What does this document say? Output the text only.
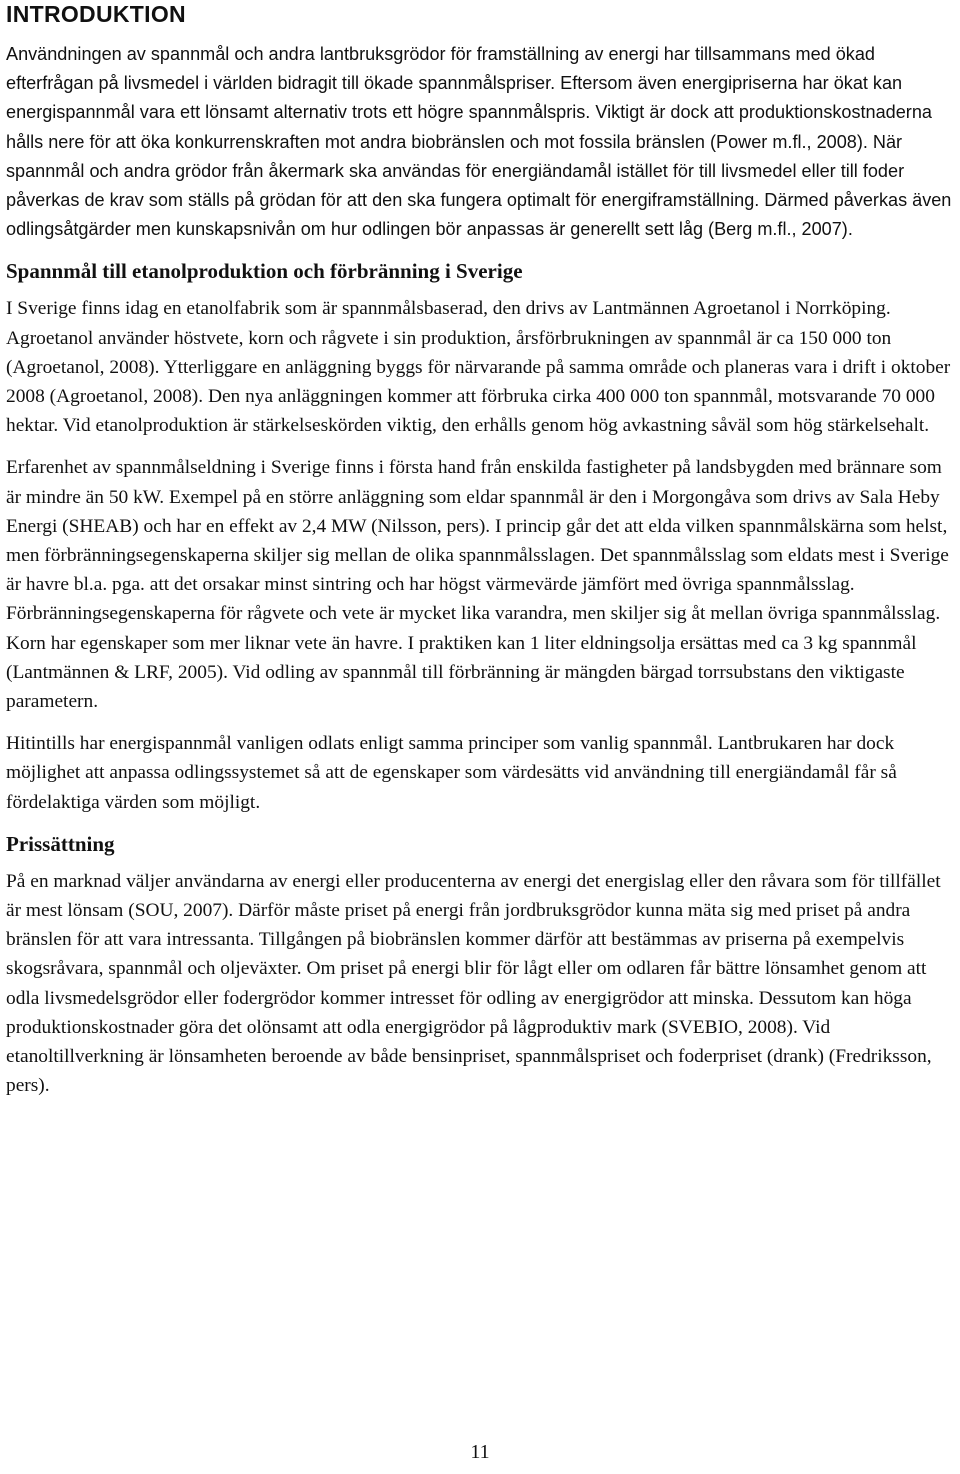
INTRODUKTION

Användningen av spannmål och andra lantbruksgrödor för framställning av energi har tillsammans med ökad efterfrågan på livsmedel i världen bidragit till ökade spannmålspriser. Eftersom även energipriserna har ökat kan energispannmål vara ett lönsamt alternativ trots ett högre spannmålspris. Viktigt är dock att produktionskostnaderna hålls nere för att öka konkurrenskraften mot andra biobränslen och mot fossila bränslen (Power m.fl., 2008). När spannmål och andra grödor från åkermark ska användas för energiändamål istället för till livsmedel eller till foder påverkas de krav som ställs på grödan för att den ska fungera optimalt för energiframställning. Därmed påverkas även odlingsåtgärder men kunskapsnivån om hur odlingen bör anpassas är generellt sett låg (Berg m.fl., 2007).

Spannmål till etanolproduktion och förbränning i Sverige

I Sverige finns idag en etanolfabrik som är spannmålsbaserad, den drivs av Lantmännen Agroetanol i Norrköping. Agroetanol använder höstvete, korn och rågvete i sin produktion, årsförbrukningen av spannmål är ca 150 000 ton (Agroetanol, 2008). Ytterliggare en anläggning byggs för närvarande på samma område och planeras vara i drift i oktober 2008 (Agroetanol, 2008). Den nya anläggningen kommer att förbruka cirka 400 000 ton spannmål, motsvarande 70 000 hektar. Vid etanolproduktion är stärkelseskörden viktig, den erhålls genom hög avkastning såväl som hög stärkelsehalt.

Erfarenhet av spannmålseldning i Sverige finns i första hand från enskilda fastigheter på landsbygden med brännare som är mindre än 50 kW. Exempel på en större anläggning som eldar spannmål är den i Morgongåva som drivs av Sala Heby Energi (SHEAB) och har en effekt av 2,4 MW (Nilsson, pers). I princip går det att elda vilken spannmålskärna som helst, men förbränningsegenskaperna skiljer sig mellan de olika spannmålsslagen. Det spannmålsslag som eldats mest i Sverige är havre bl.a. pga. att det orsakar minst sintring och har högst värmevärde jämfört med övriga spannmålsslag. Förbränningsegenskaperna för rågvete och vete är mycket lika varandra, men skiljer sig åt mellan övriga spannmålsslag. Korn har egenskaper som mer liknar vete än havre. I praktiken kan 1 liter eldningsolja ersättas med ca 3 kg spannmål (Lantmännen & LRF, 2005). Vid odling av spannmål till förbränning är mängden bärgad torrsubstans den viktigaste parametern.

Hitintills har energispannmål vanligen odlats enligt samma principer som vanlig spannmål. Lantbrukaren har dock möjlighet att anpassa odlingssystemet så att de egenskaper som värdesätts vid användning till energiändamål får så fördelaktiga värden som möjligt.

Prissättning

På en marknad väljer användarna av energi eller producenterna av energi det energislag eller den råvara som för tillfället är mest lönsam (SOU, 2007). Därför måste priset på energi från jordbruksgrödor kunna mäta sig med priset på andra bränslen för att vara intressanta. Tillgången på biobränslen kommer därför att bestämmas av priserna på exempelvis skogsråvara, spannmål och oljeväxter. Om priset på energi blir för lågt eller om odlaren får bättre lönsamhet genom att odla livsmedelsgrödor eller fodergrödor kommer intresset för odling av energigrödor att minska. Dessutom kan höga produktionskostnader göra det olönsamt att odla energigrödor på lågproduktiv mark (SVEBIO, 2008). Vid etanoltillverkning är lönsamheten beroende av både bensinpriset, spannmålspriset och foderpriset (drank) (Fredriksson, pers).

11
